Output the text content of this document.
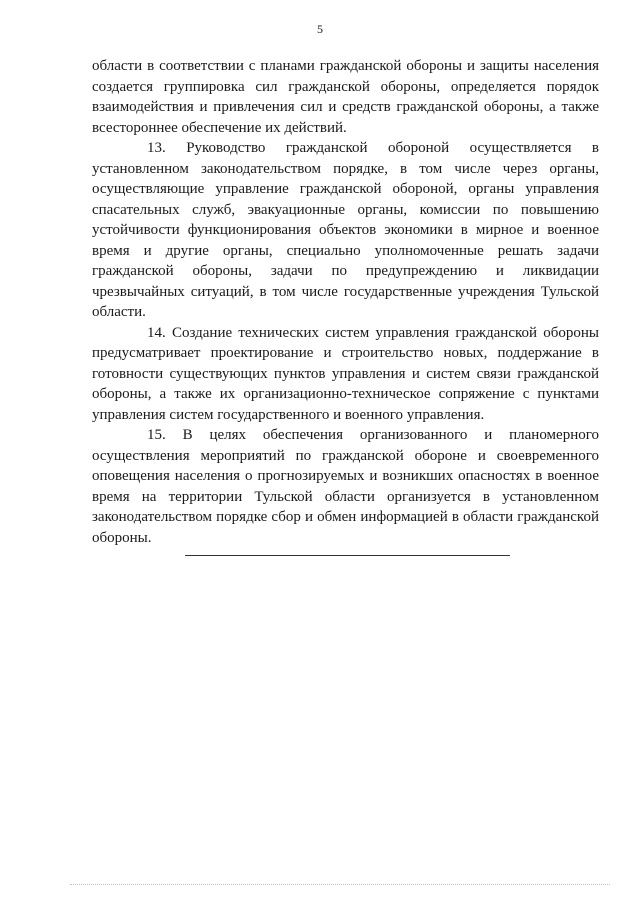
5

области в соответствии с планами гражданской обороны и защиты населения создается группировка сил гражданской обороны, определяется порядок взаимодействия и привлечения сил и средств гражданской обороны, а также всестороннее обеспечение их действий.

13. Руководство гражданской обороной осуществляется в установленном законодательством порядке, в том числе через органы, осуществляющие управление гражданской обороной, органы управления спасательных служб, эвакуационные органы, комиссии по повышению устойчивости функционирования объектов экономики в мирное и военное время и другие органы, специально уполномоченные решать задачи гражданской обороны, задачи по предупреждению и ликвидации чрезвычайных ситуаций, в том числе государственные учреждения Тульской области.

14. Создание технических систем управления гражданской обороны предусматривает проектирование и строительство новых, поддержание в готовности существующих пунктов управления и систем связи гражданской обороны, а также их организационно-техническое сопряжение с пунктами управления систем государственного и военного управления.

15. В целях обеспечения организованного и планомерного осуществления мероприятий по гражданской обороне и своевременного оповещения населения о прогнозируемых и возникших опасностях в военное время на территории Тульской области организуется в установленном законодательством порядке сбор и обмен информацией в области гражданской обороны.
